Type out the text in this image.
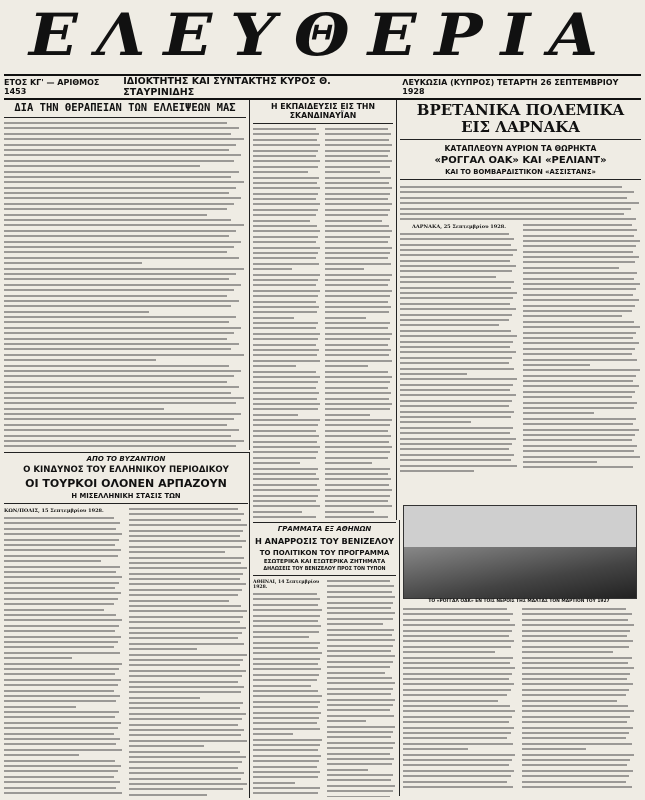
ΕΛΕΥΘΕΡΙΑ
ΕΤΟΣ ΚΓ' — ΑΡΙΘΜΟΣ 1453
ΙΔΙΟΚΤΗΤΗΣ ΚΑΙ ΣΥΝΤΑΚΤΗΣ ΚΥΡΟΣ Θ. ΣΤΑΥΡΙΝΙΔΗΣ
ΛΕΥΚΩΣΙΑ (ΚΥΠΡΟΣ) ΤΕΤΑΡΤΗ 26 ΣΕΠΤΕΜΒΡΙΟΥ 1928
ΔΙΑ ΤΗΝ ΘΕΡΑΠΕΙΑΝ ΤΩΝ ΕΛΛΕΙΨΕΩΝ ΜΑΣ	Η ΕΚΠΑΙΔΕΥΣΙΣ ΕΙΣ ΤΗΝ ΣΚΑΝΔΙΝΑΥΪΑΝ	ΒΡΕΤΑΝΙΚΑ ΠΟΛΕΜΙΚΑ
ΕΙΣ ΛΑΡΝΑΚΑ
ΚΑΤΑΠΛΕΟΥΝ ΑΥΡΙΟΝ ΤΑ ΘΩΡΗΚΤΑ
«ΡΟΓΓΑΛ ΟΑΚ» ΚΑΙ «ΡΕΛΙΑΝΤ»
ΚΑΙ ΤΟ ΒΟΜΒΑΡΔΙΣΤΙΚΟΝ «ΑΣΣΙΣΤΑΝΣ»
ΛΑΡΝΑΚΑ, 25 Σεπτεμβρίου 1928.
ΤΟ «ΡΟΓΓΑΛ ΟΑΚ» ΕΝ ΤΟΙΣ ΝΕΡΟΙΣ ΤΗΣ ΜΑΛΤΑΣ ΤΟΝ ΜΑΡΤΙΟΝ ΤΟΥ 1927
ΑΠΟ ΤΟ ΒΥΖΑΝΤΙΟΝ
Ο ΚΙΝΔΥΝΟΣ ΤΟΥ ΕΛΛΗΝΙΚΟΥ ΠΕΡΙΟΔΙΚΟΥ
ΟΙ ΤΟΥΡΚΟΙ ΟΛΟΝΕΝ ΑΡΠΑΖΟΥΝ
Η ΜΙΣΕΛΛΗΝΙΚΗ ΣΤΑΣΙΣ ΤΩΝ
ΚΩΝ/ΠΟΛΙΣ, 15 Σεπτεμβρίου 1928.
ΓΡΑΜΜΑΤΑ ΕΞ ΑΘΗΝΩΝ
Η ΑΝΑΡΡΟΣΙΣ ΤΟΥ ΒΕΝΙΖΕΛΟΥ
ΤΟ ΠΟΛΙΤΙΚΟΝ ΤΟΥ ΠΡΟΓΡΑΜΜΑ
ΕΣΩΤΕΡΙΚΑ ΚΑΙ ΕΞΩΤΕΡΙΚΑ ΖΗΤΗΜΑΤΑ
ΔΗΛΩΣΕΙΣ ΤΟΥ ΒΕΝΙΖΕΛΟΥ ΠΡΟΣ ΤΟΝ ΤΥΠΟΝ
ΑΘΗΝΑΙ, 14 Σεπτεμβρίου 1928.
